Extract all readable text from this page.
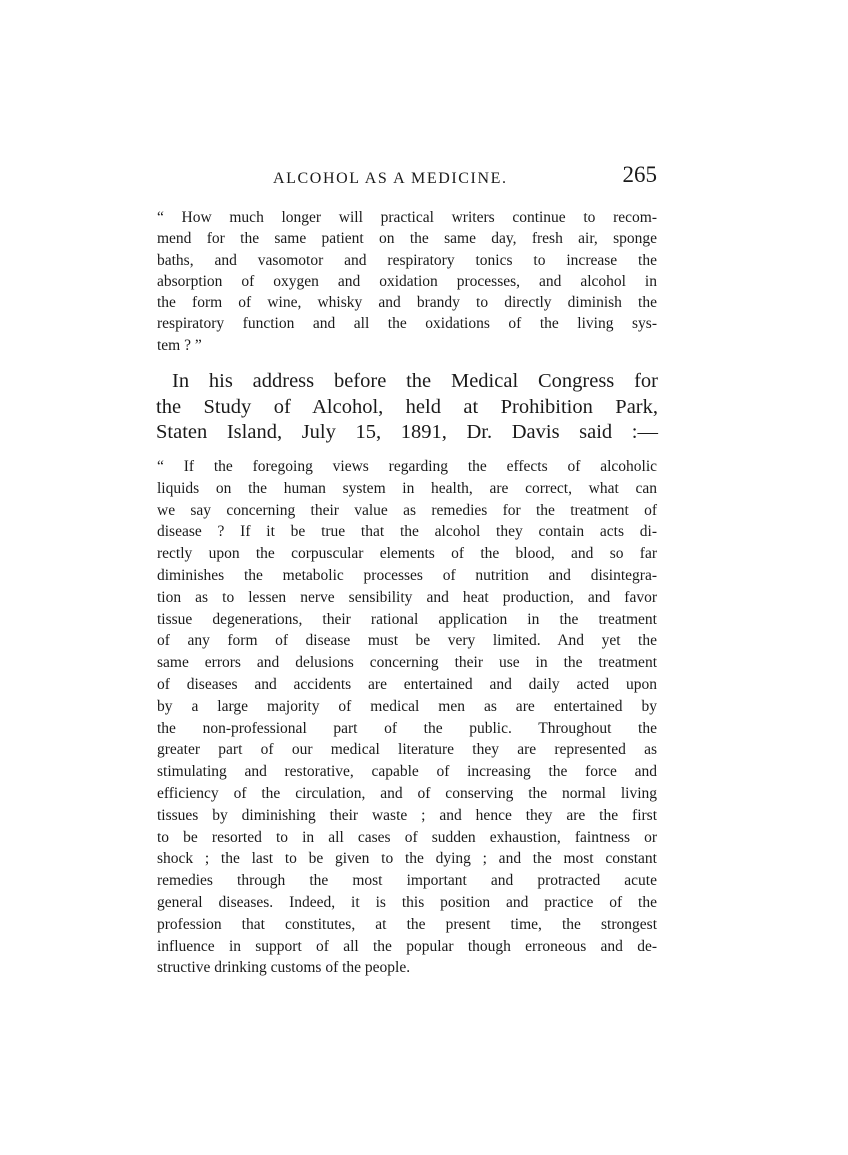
ALCOHOL AS A MEDICINE.	265

“ How much longer will practical writers continue to recom-
mend for the same patient on the same day, fresh air, sponge
baths, and vasomotor and respiratory tonics to increase the
absorption of oxygen and oxidation processes, and alcohol in
the form of wine, whisky and brandy to directly diminish the
respiratory function and all the oxidations of the living sys-
tem ? ”

In his address before the Medical Congress for
the Study of Alcohol, held at Prohibition Park,
Staten Island, July 15, 1891, Dr. Davis said :—

“ If the foregoing views regarding the effects of alcoholic
liquids on the human system in health, are correct, what can
we say concerning their value as remedies for the treatment of
disease ? If it be true that the alcohol they contain acts di-
rectly upon the corpuscular elements of the blood, and so far
diminishes the metabolic processes of nutrition and disintegra-
tion as to lessen nerve sensibility and heat production, and favor
tissue degenerations, their rational application in the treatment
of any form of disease must be very limited. And yet the
same errors and delusions concerning their use in the treatment
of diseases and accidents are entertained and daily acted upon
by a large majority of medical men as are entertained by
the non-professional part of the public. Throughout the
greater part of our medical literature they are represented as
stimulating and restorative, capable of increasing the force and
efficiency of the circulation, and of conserving the normal living
tissues by diminishing their waste ; and hence they are the first
to be resorted to in all cases of sudden exhaustion, faintness or
shock ; the last to be given to the dying ; and the most constant
remedies through the most important and protracted acute
general diseases. Indeed, it is this position and practice of the
profession that constitutes, at the present time, the strongest
influence in support of all the popular though erroneous and de-
structive drinking customs of the people.
